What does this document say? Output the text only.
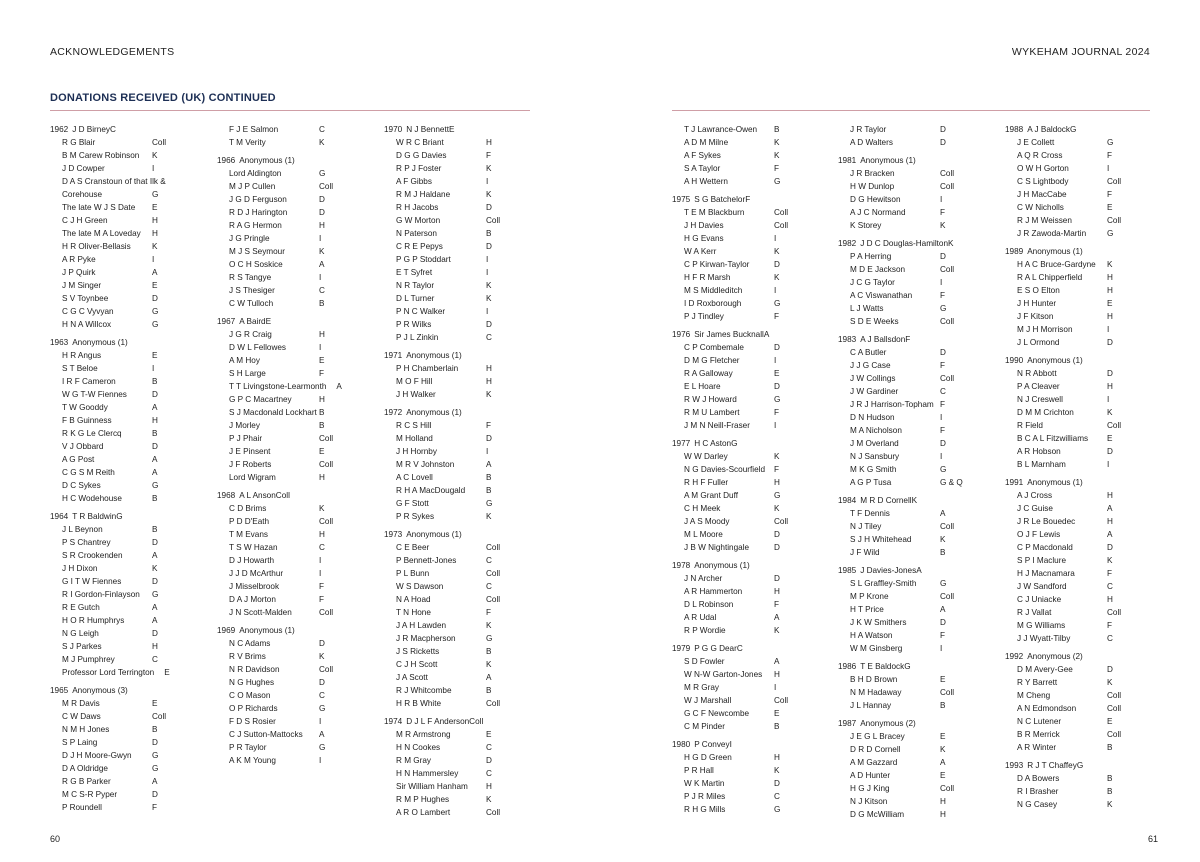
ACKNOWLEDGEMENTS
DONATIONS RECEIVED (UK) CONTINUED
1962 J D Birney C
R G Blair	Coll
B M Carew Robinson	K
J D Cowper	I
D A S Cranstoun of that Ilk &
Corehouse	G
The late W J S Date	E
C J H Green	H
The late M A Loveday	H
H R Oliver-Bellasis	K
A R Pyke	I
J P Quirk	A
J M Singer	E
S V Toynbee	D
C G C Vyvyan	G
H N A Willcox	G
1963 Anonymous (1)
H R Angus	E
S T Beloe	I
I R F Cameron	B
W G T-W Fiennes	D
T W Gooddy	A
F B Guinness	H
R K G Le Clercq	B
V J Obbard	D
A G Post	A
C G S M Reith	A
D C Sykes	G
H C Wodehouse	B
1964 T R Baldwin G
J L Beynon	B
P S Chantrey	D
S R Crookenden	A
J H Dixon	K
G I T W Fiennes	D
R I Gordon-Finlayson	G
R E Gutch	A
H O R Humphrys	A
N G Leigh	D
S J Parkes	H
M J Pumphrey	C
Professor Lord Terrington E
1965 Anonymous (3)
M R Davis	E
C W Daws	Coll
N M H Jones	B
S P Laing	D
D J H Moore-Gwyn	G
D A Oldridge	G
R G B Parker	A
M C S-R Pyper	D
P Roundell	F
F J E Salmon	C
T M Verity	K
1966 Anonymous (1)
Lord Aldington	G
M J P Cullen	Coll
J G D Ferguson	D
R D J Harington	D
R A G Hermon	H
J G Pringle	I
M J S Seymour	K
O C H Soskice	A
R S Tangye	I
J S Thesiger	C
C W Tulloch	B
1967 A Baird E
J G R Craig	H
D W L Fellowes	I
A M Hoy	E
S H Large	F
T T Livingstone-Learmonth A
G P C Macartney	H
S J Macdonald Lockhart B
J Morley	B
P J Phair	Coll
J E Pinsent	E
J F Roberts	Coll
Lord Wigram	H
1968 A L Anson Coll
C D Brims	K
P D D'Eath	Coll
T M Evans	H
T S W Hazan	C
D J Howarth	I
J J D McArthur	I
J Misselbrook	F
D A J Morton	F
J N Scott-Malden	Coll
1969 Anonymous (1)
N C Adams	D
R V Brims	K
N R Davidson	Coll
N G Hughes	D
C O Mason	C
O P Richards	G
F D S Rosier	I
C J Sutton-Mattocks	A
P R Taylor	G
A K M Young	I
1970 N J Bennett E
W R C Briant	H
D G G Davies	F
R P J Foster	K
A F Gibbs	I
R M J Haldane	K
R H Jacobs	D
G W Morton	Coll
N Paterson	B
C R E Pepys	D
P G P Stoddart	I
E T Syfret	I
N R Taylor	K
D L Turner	K
P N C Walker	I
P R Wilks	D
P J L Zinkin	C
1971 Anonymous (1)
P H Chamberlain	H
M O F Hill	H
J H Walker	K
1972 Anonymous (1)
R C S Hill	F
M Holland	D
J H Hornby	I
M R V Johnston	A
A C Lovell	B
R H A MacDougald	B
G F Stott	G
P R Sykes	K
1973 Anonymous (1)
C E Beer	Coll
P Bennett-Jones	C
P L Bunn	Coll
W S Dawson	C
N A Hoad	Coll
T N Hone	F
J A H Lawden	K
J R Macpherson	G
J S Ricketts	B
C J H Scott	K
J A Scott	A
R J Whitcombe	B
H R B White	Coll
1974 D J L F Anderson Coll
M R Armstrong	E
H N Cookes	C
R M Gray	D
H N Hammersley	C
Sir William Hanham	H
R M P Hughes	K
A R O Lambert	Coll
60
WYKEHAM JOURNAL 2024
T J Lawrance-Owen	B
A D M Milne	K
A F Sykes	K
S A Taylor	F
A H Wettern	G
1975 S G Batchelor F
T E M Blackburn	Coll
J H Davies	Coll
H G Evans	I
W A Kerr	K
C P Kirwan-Taylor	D
H F R Marsh	K
M S Middleditch	I
I D Roxborough	G
P J Tindley	F
1976 Sir James Bucknall A
C P Combemale	D
D M G Fletcher	I
R A Galloway	E
E L Hoare	D
R W J Howard	G
R M U Lambert	F
J M N Neill-Fraser	I
1977 H C Aston G
W W Darley	K
N G Davies-Scourfield	F
R H F Fuller	H
A M Grant Duff	G
C H Meek	K
J A S Moody	Coll
M L Moore	D
J B W Nightingale	D
1978 Anonymous (1)
J N Archer	D
A R Hammerton	H
D L Robinson	F
A R Udal	A
R P Wordie	K
1979 P G G Dear C
S D Fowler	A
W N-W Garton-Jones	H
M R Gray	I
W J Marshall	Coll
G C F Newcombe	E
C M Pinder	B
1980 P Convey I
H G D Green	H
P R Hall	K
W K Martin	D
P J R Miles	C
R H G Mills	G
J R Taylor	D
A D Walters	D
1981 Anonymous (1)
J R Bracken	Coll
H W Dunlop	Coll
D G Hewitson	I
A J C Normand	F
K Storey	K
1982 J D C Douglas-Hamilton K
P A Herring	D
M D E Jackson	Coll
J C G Taylor	I
A C Viswanathan	F
L J Watts	G
S D E Weeks	Coll
1983 A J Ballsdon F
C A Butler	D
J J G Case	F
J W Collings	Coll
J W Gardiner	C
J R J Harrison-Topham F
D N Hudson	I
M A Nicholson	F
J M Overland	D
N J Sansbury	I
M K G Smith	G
A G P Tusa	G & Q
1984 M R D Cornell K
T F Dennis	A
N J Tiley	Coll
S J H Whitehead	K
J F Wild	B
1985 J Davies-Jones A
S L Graffley-Smith	G
M P Krone	Coll
H T Price	A
J K W Smithers	D
H A Watson	F
W M Ginsberg	I
1986 T E Baldock G
B H D Brown	E
N M Hadaway	Coll
J L Hannay	B
1987 Anonymous (2)
J E G L Bracey	E
D R D Cornell	K
A M Gazzard	A
A D Hunter	E
H G J King	Coll
N J Kitson	H
D G McWilliam	H
1988 A J Baldock G
J E Collett	G
A Q R Cross	F
O W H Gorton	I
C S Lightbody	Coll
J H MacCabe	F
C W Nicholls	E
R J M Weissen	Coll
J R Zawoda-Martin	G
1989 Anonymous (1)
H A C Bruce-Gardyne	K
R A L Chipperfield	H
E S O Elton	H
J H Hunter	E
J F Kitson	H
M J H Morrison	I
J L Ormond	D
1990 Anonymous (1)
N R Abbott	D
P A Cleaver	H
N J Creswell	I
D M M Crichton	K
R Field	Coll
B C A L Fitzwilliams	E
A R Hobson	D
B L Marnham	I
1991 Anonymous (1)
A J Cross	H
J C Guise	A
J R Le Bouedec	H
O J F Lewis	A
C P Macdonald	D
S P I Maclure	K
H J Macnamara	F
J W Sandford	C
C J Uniacke	H
R J Vallat	Coll
M G Williams	F
J J Wyatt-Tilby	C
1992 Anonymous (2)
D M Avery-Gee	D
R Y Barrett	K
M Cheng	Coll
A N Edmondson	Coll
N C Lutener	E
B R Merrick	Coll
A R Winter	B
1993 R J T Chaffey G
D A Bowers	B
R I Brasher	B
N G Casey	K
61
